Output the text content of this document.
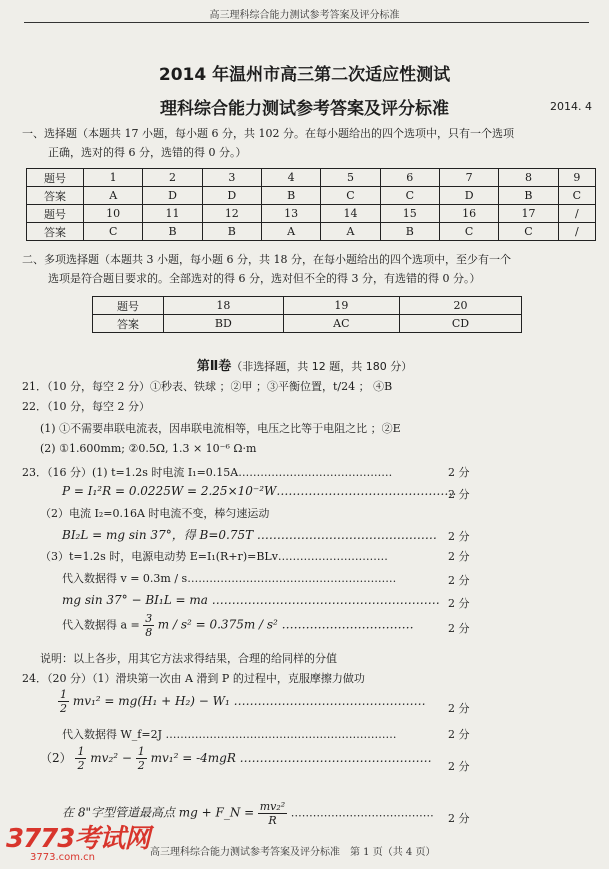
高三理科综合能力测试参考答案及评分标准
2014 年温州市高三第二次适应性测试
理科综合能力测试参考答案及评分标准	2014. 4
一、选择题（本题共 17 小题，每小题 6 分，共 102 分。在每小题给出的四个选项中，只有一个选项
正确，选对的得 6 分，选错的得 0 分。）
题号	1	2	3	4	5	6	7	8	9
答案	A	D	D	B	C	C	D	B	C
题号	10	11	12	13	14	15	16	17	/
答案	C	B	B	A	A	B	C	C	/
二、多项选择题（本题共 3 小题，每小题 6 分，共 18 分，在每小题给出的四个选项中，至少有一个
选项是符合题目要求的。全部选对的得 6 分，选对但不全的得 3 分，有选错的得 0 分。）
题号	18	19	20
答案	BD	AC	CD
第Ⅱ卷（非选择题，共 12 题，共 180 分）
21．（10 分，每空 2 分）①秒表、铁球 ；②甲 ；③平衡位置，t/24 ； ④B
22．（10 分，每空 2 分）
(1) ①不需要串联电流表，因串联电流相等，电压之比等于电阻之比 ；②E
(2) ①1.600mm; ②0.5Ω, 1.3 × 10⁻⁶ Ω·m
23．（16 分）(1) t=1.2s 时电流 I₁=0.15A……………………………………	2 分
P = I₁²R = 0.0225W = 2.25×10⁻²W………………………………………
2 分
（2）电流 I₂=0.16A 时电流不变，棒匀速运动
BI₂L = mg sin 37°，得 B=0.75T ……………………………………… 2 分
（3）t=1.2s 时，电源电动势 E=I₁(R+r)=BLv…………………………	2 分
代入数据得 v = 0.3m / s…………………………………………………	2 分
mg sin 37° − BI₁L = ma ………………………………………………… 2 分
代入数据得 $a = \frac{3}{8}$ m / s² = 0.375m / s² ……………………………	2 分
说明：以上各步，用其它方法求得结果，合理的给同样的分值
24．（20 分）（1）滑块第一次由 A 滑到 P 的过程中，克服摩擦力做功
$\frac{1}{2} mv_1^2 = mg(H_1 + H_2) - W_1$ …………………………………………
2 分
代入数据得 W_f=2J ………………………………………………………	2 分
$(2) \frac{1}{2} mv_2^2 - \frac{1}{2} mv_1^2 = -4mgR$ …………………………………………
2 分
在 8"字型管道最高点 mg + F_N = $\frac{\text{mv₂²}}{R}$ ………………………………… 2 分
3773考试网
3773.com.cn	高三理科综合能力测试参考答案及评分标准　第 1 页（共 4 页）
